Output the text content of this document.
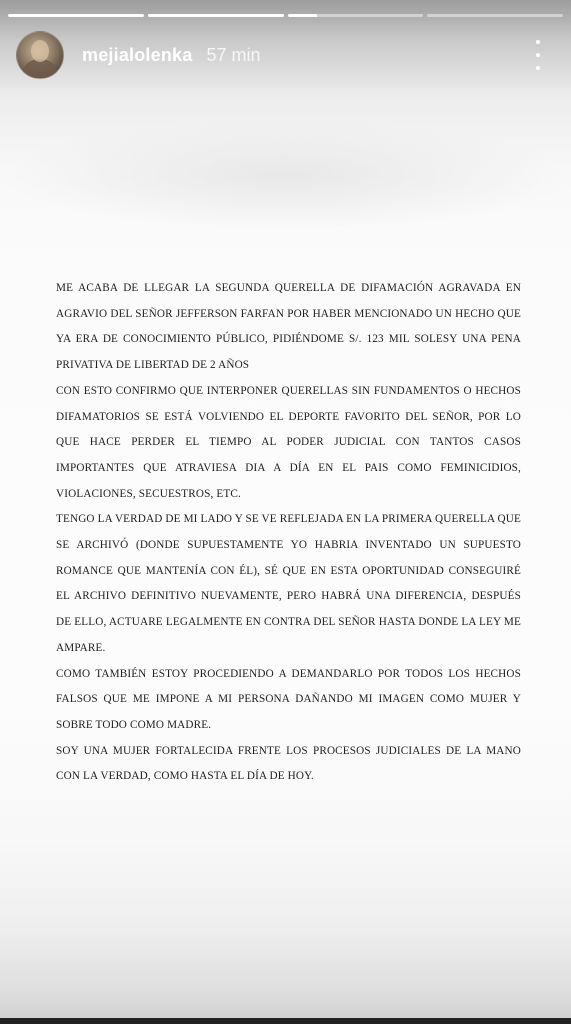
mejialolenka 57 min

ME ACABA DE LLEGAR LA SEGUNDA QUERELLA DE DIFAMACIÓN AGRAVADA EN AGRAVIO DEL SEÑOR JEFFERSON FARFAN POR HABER MENCIONADO UN HECHO QUE YA ERA DE CONOCIMIENTO PÚBLICO, PIDIÉNDOME S/. 123 MIL SOLESY UNA PENA PRIVATIVA DE LIBERTAD DE 2 AÑOS

CON ESTO CONFIRMO QUE INTERPONER QUERELLAS SIN FUNDAMENTOS O HECHOS DIFAMATORIOS SE ESTÁ VOLVIENDO EL DEPORTE FAVORITO DEL SEÑOR, POR LO QUE HACE PERDER EL TIEMPO AL PODER JUDICIAL CON TANTOS CASOS IMPORTANTES QUE ATRAVIESA DIA A DÍA EN EL PAIS COMO FEMINICIDIOS, VIOLACIONES, SECUESTROS, ETC.

TENGO LA VERDAD DE MI LADO Y SE VE REFLEJADA EN LA PRIMERA QUERELLA QUE SE ARCHIVÓ (DONDE SUPUESTAMENTE YO HABRIA INVENTADO UN SUPUESTO ROMANCE QUE MANTENÍA CON ÉL), SÉ QUE EN ESTA OPORTUNIDAD CONSEGUIRÉ EL ARCHIVO DEFINITIVO NUEVAMENTE, PERO HABRÁ UNA DIFERENCIA, DESPUÉS DE ELLO, ACTUARE LEGALMENTE EN CONTRA DEL SEÑOR HASTA DONDE LA LEY ME AMPARE.

COMO TAMBIÉN ESTOY PROCEDIENDO A DEMANDARLO POR TODOS LOS HECHOS FALSOS QUE ME IMPONE A MI PERSONA DAÑANDO MI IMAGEN COMO MUJER Y SOBRE TODO COMO MADRE.

SOY UNA MUJER FORTALECIDA FRENTE LOS PROCESOS JUDICIALES DE LA MANO CON LA VERDAD, COMO HASTA EL DÍA DE HOY.
